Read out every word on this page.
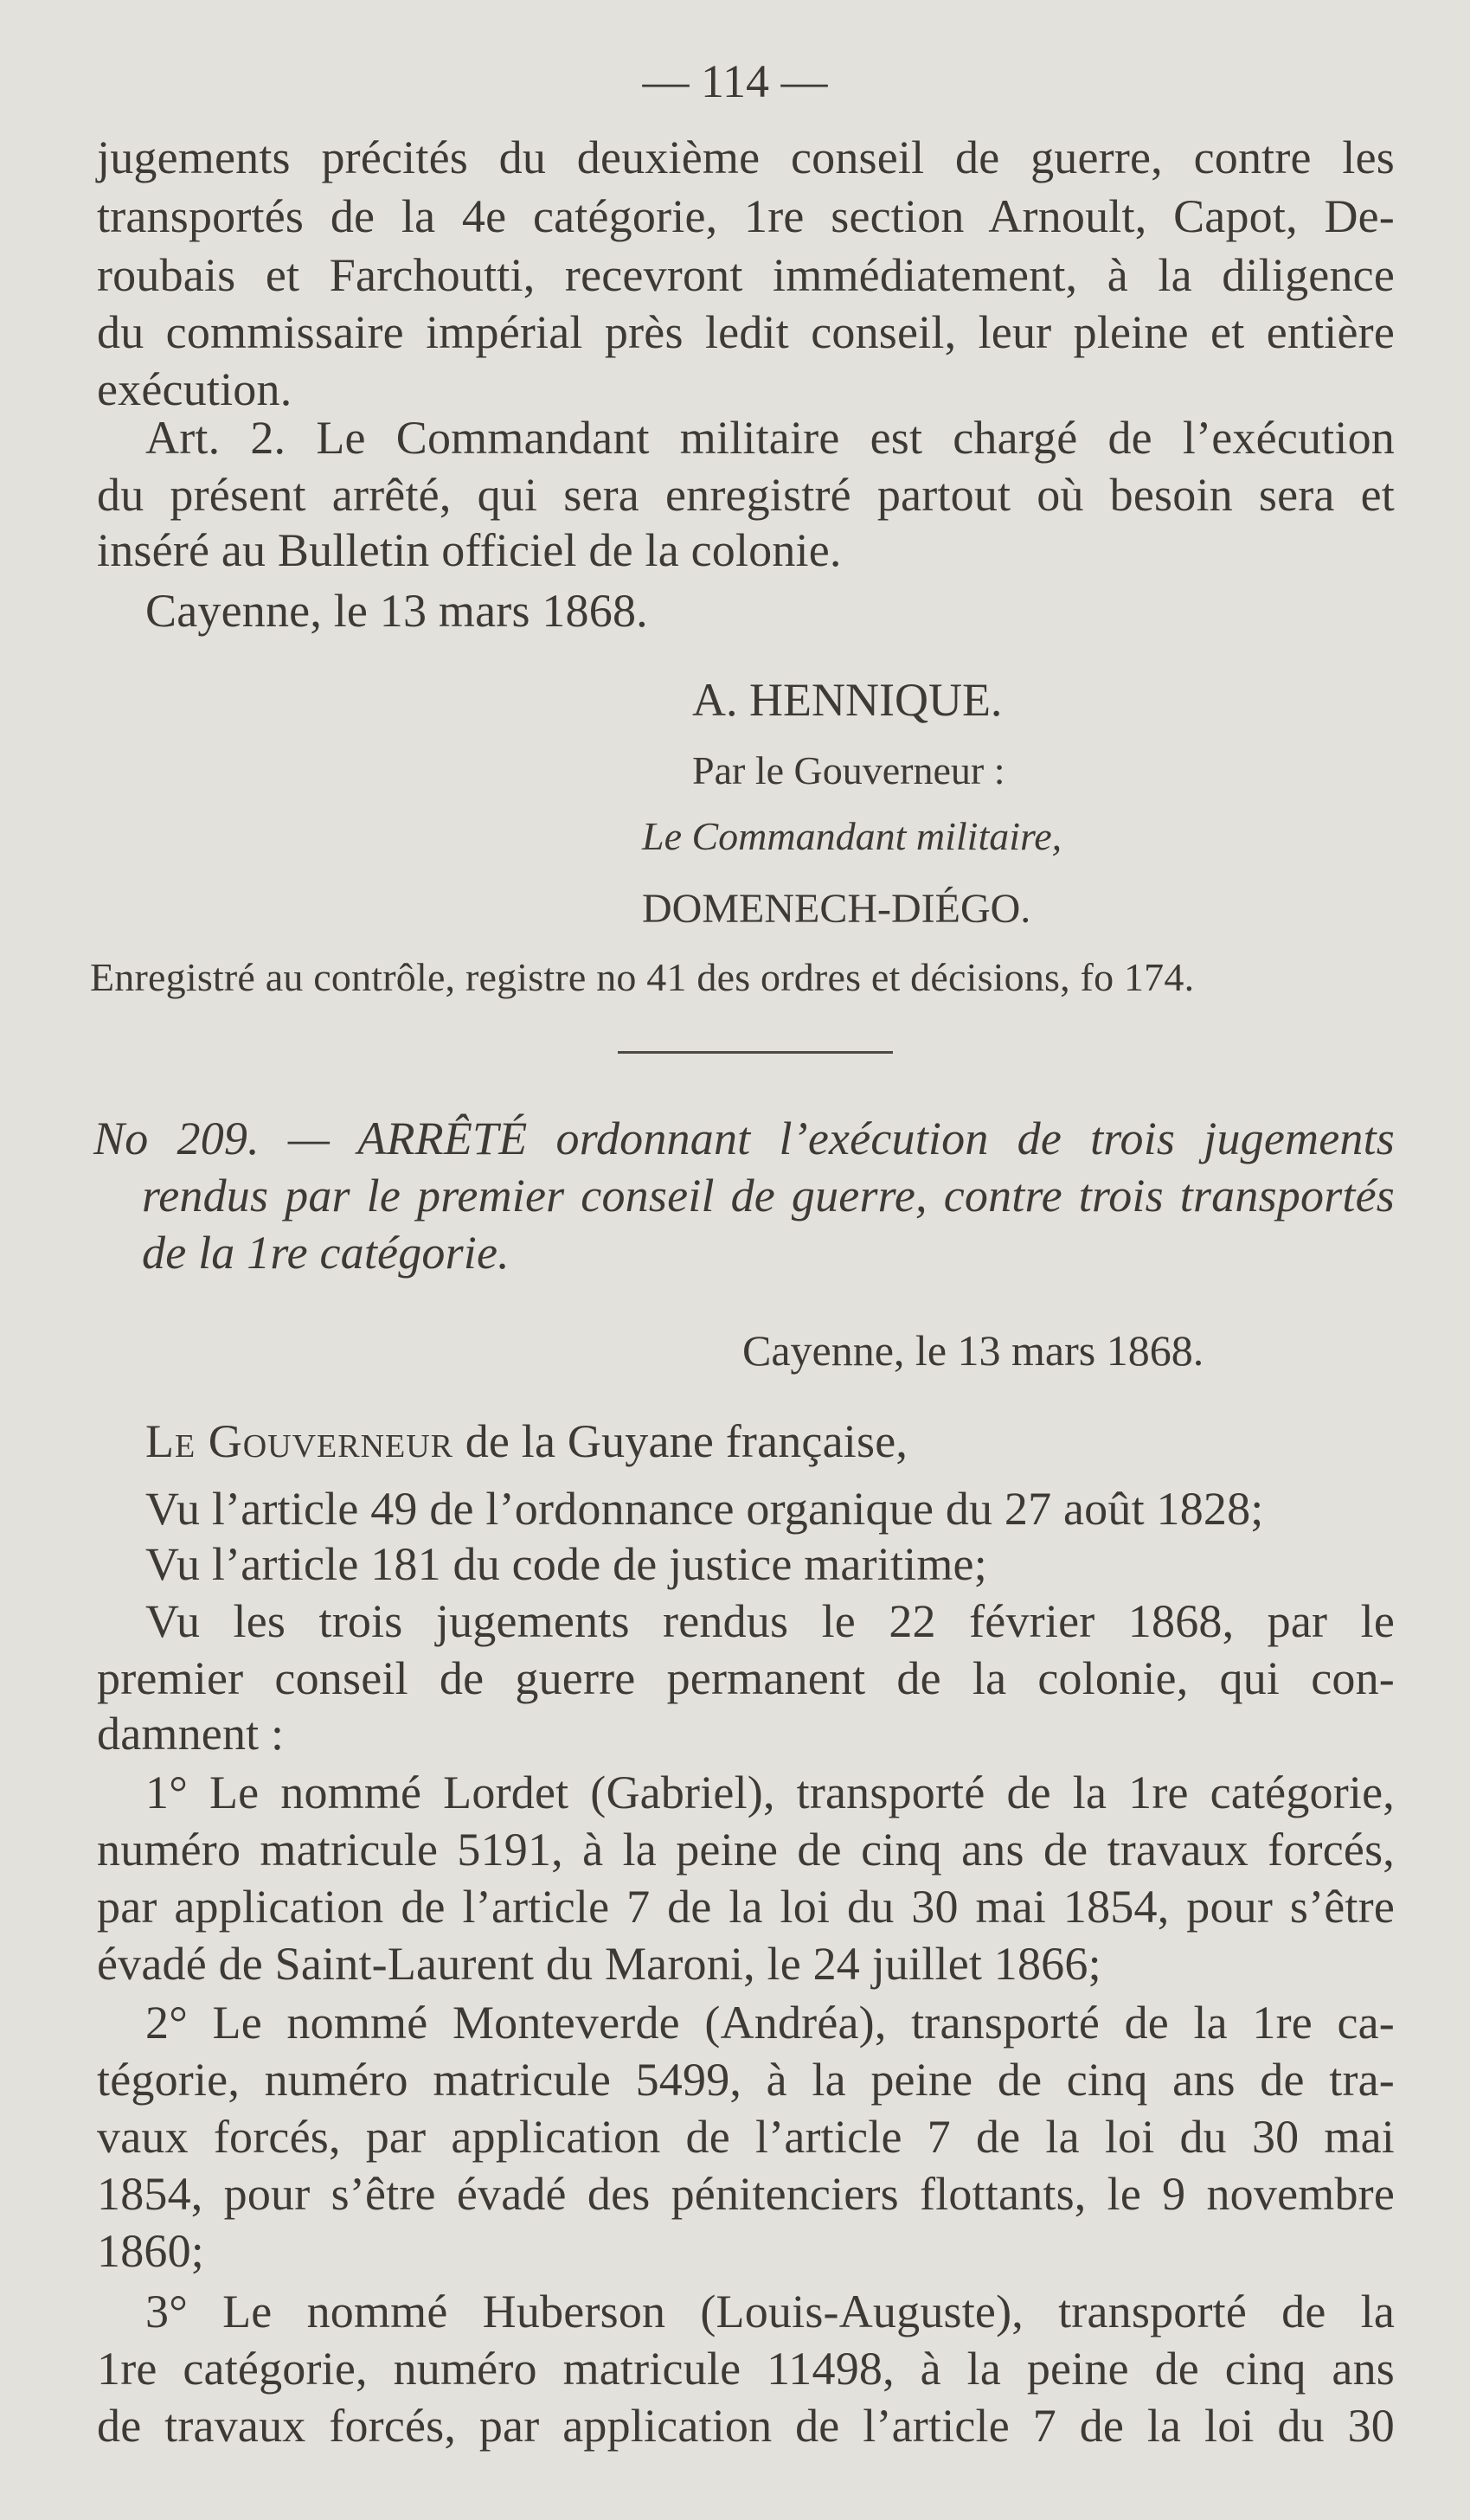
— 114 —
jugements précités du deuxième conseil de guerre, contre les
transportés de la 4e catégorie, 1re section Arnoult, Capot, De-
roubais et Farchoutti, recevront immédiatement, à la diligence
du commissaire impérial près ledit conseil, leur pleine et entière
exécution.
Art. 2. Le Commandant militaire est chargé de l’exécution
du présent arrêté, qui sera enregistré partout où besoin sera et
inséré au Bulletin officiel de la colonie.
Cayenne, le 13 mars 1868.
A. HENNIQUE.
Par le Gouverneur :
Le Commandant militaire,
DOMENECH-DIÉGO.
Enregistré au contrôle, registre no 41 des ordres et décisions, fo 174.
No 209. — ARRÊTÉ ordonnant l’exécution de trois jugements
rendus par le premier conseil de guerre, contre trois transportés
de la 1re catégorie.
Cayenne, le 13 mars 1868.
Le Gouverneur de la Guyane française,
Vu l’article 49 de l’ordonnance organique du 27 août 1828;
Vu l’article 181 du code de justice maritime;
Vu les trois jugements rendus le 22 février 1868, par le
premier conseil de guerre permanent de la colonie, qui con-
damnent :
1° Le nommé Lordet (Gabriel), transporté de la 1re catégorie,
numéro matricule 5191, à la peine de cinq ans de travaux forcés,
par application de l’article 7 de la loi du 30 mai 1854, pour s’être
évadé de Saint-Laurent du Maroni, le 24 juillet 1866;
2° Le nommé Monteverde (Andréa), transporté de la 1re ca-
tégorie, numéro matricule 5499, à la peine de cinq ans de tra-
vaux forcés, par application de l’article 7 de la loi du 30 mai
1854, pour s’être évadé des pénitenciers flottants, le 9 novembre
1860;
3° Le nommé Huberson (Louis-Auguste), transporté de la
1re catégorie, numéro matricule 11498, à la peine de cinq ans
de travaux forcés, par application de l’article 7 de la loi du 30
